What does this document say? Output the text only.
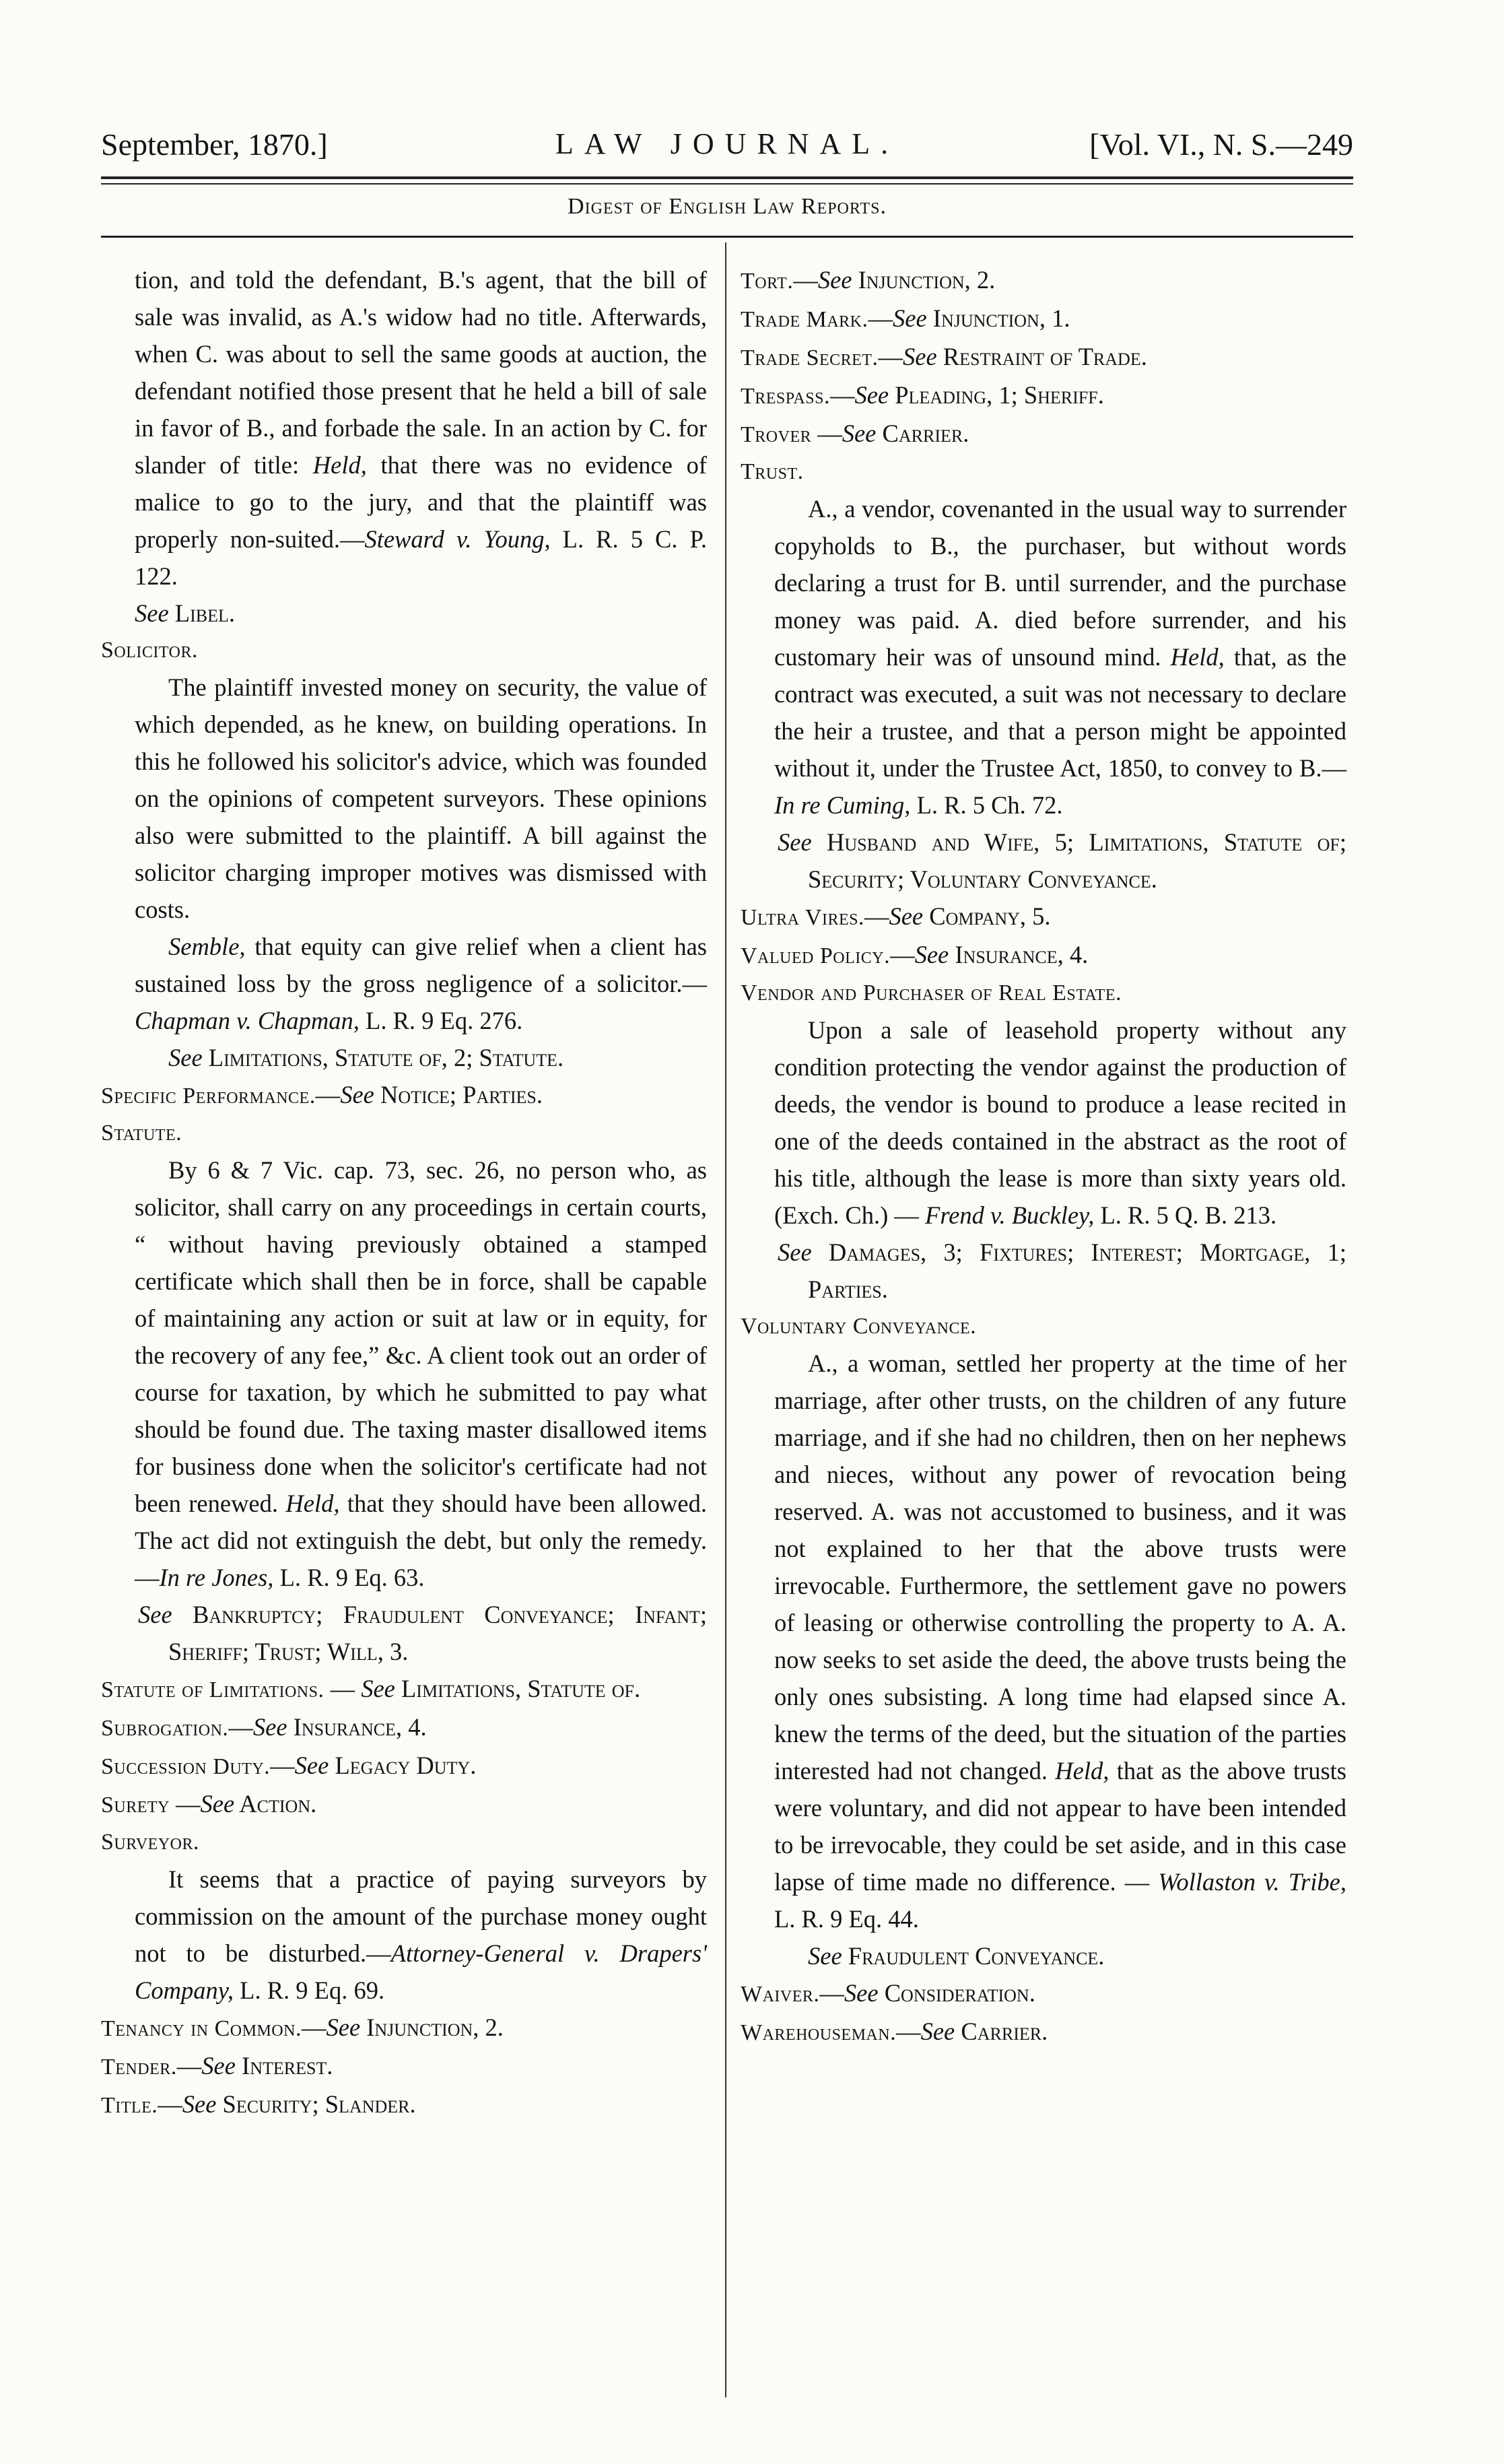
September, 1870.]	LAW JOURNAL.	[Vol. VI., N. S.—249
Digest of English Law Reports.

tion, and told the defendant, B.'s agent, that the bill of sale was invalid, as A.'s widow had no title. Afterwards, when C. was about to sell the same goods at auction, the defendant notified those present that he held a bill of sale in favor of B., and forbade the sale. In an action by C. for slander of title: Held, that there was no evidence of malice to go to the jury, and that the plaintiff was properly non-suited.—Steward v. Young, L. R. 5 C. P. 122.

See Libel.

Solicitor.

The plaintiff invested money on security, the value of which depended, as he knew, on building operations. In this he followed his solicitor's advice, which was founded on the opinions of competent surveyors. These opinions also were submitted to the plaintiff. A bill against the solicitor charging improper motives was dismissed with costs.

Semble, that equity can give relief when a client has sustained loss by the gross negligence of a solicitor.—Chapman v. Chapman, L. R. 9 Eq. 276.

See Limitations, Statute of, 2; Statute.

Specific Performance.—See Notice; Parties.

Statute.

By 6 & 7 Vic. cap. 73, sec. 26, no person who, as solicitor, shall carry on any proceedings in certain courts, “ without having previously obtained a stamped certificate which shall then be in force, shall be capable of maintaining any action or suit at law or in equity, for the recovery of any fee,” &c. A client took out an order of course for taxation, by which he submitted to pay what should be found due. The taxing master disallowed items for business done when the solicitor's certificate had not been renewed. Held, that they should have been allowed. The act did not extinguish the debt, but only the remedy. —In re Jones, L. R. 9 Eq. 63.

See Bankruptcy; Fraudulent Conveyance; Infant; Sheriff; Trust; Will, 3.

Statute of Limitations. — See Limitations, Statute of.

Subrogation.—See Insurance, 4.

Succession Duty.—See Legacy Duty.

Surety —See Action.

Surveyor.

It seems that a practice of paying surveyors by commission on the amount of the purchase money ought not to be disturbed.—Attorney-General v. Drapers' Company, L. R. 9 Eq. 69.

Tenancy in Common.—See Injunction, 2.

Tender.—See Interest.

Title.—See Security; Slander.

Tort.—See Injunction, 2.

Trade Mark.—See Injunction, 1.

Trade Secret.—See Restraint of Trade.

Trespass.—See Pleading, 1; Sheriff.

Trover —See Carrier.

Trust.

A., a vendor, covenanted in the usual way to surrender copyholds to B., the purchaser, but without words declaring a trust for B. until surrender, and the purchase money was paid. A. died before surrender, and his customary heir was of unsound mind. Held, that, as the contract was executed, a suit was not necessary to declare the heir a trustee, and that a person might be appointed without it, under the Trustee Act, 1850, to convey to B.—In re Cuming, L. R. 5 Ch. 72.

See Husband and Wife, 5; Limitations, Statute of; Security; Voluntary Conveyance.

Ultra Vires.—See Company, 5.

Valued Policy.—See Insurance, 4.

Vendor and Purchaser of Real Estate.

Upon a sale of leasehold property without any condition protecting the vendor against the production of deeds, the vendor is bound to produce a lease recited in one of the deeds contained in the abstract as the root of his title, although the lease is more than sixty years old. (Exch. Ch.) — Frend v. Buckley, L. R. 5 Q. B. 213.

See Damages, 3; Fixtures; Interest; Mortgage, 1; Parties.

Voluntary Conveyance.

A., a woman, settled her property at the time of her marriage, after other trusts, on the children of any future marriage, and if she had no children, then on her nephews and nieces, without any power of revocation being reserved. A. was not accustomed to business, and it was not explained to her that the above trusts were irrevocable. Furthermore, the settlement gave no powers of leasing or otherwise controlling the property to A. A. now seeks to set aside the deed, the above trusts being the only ones subsisting. A long time had elapsed since A. knew the terms of the deed, but the situation of the parties interested had not changed. Held, that as the above trusts were voluntary, and did not appear to have been intended to be irrevocable, they could be set aside, and in this case lapse of time made no difference. — Wollaston v. Tribe, L. R. 9 Eq. 44.

See Fraudulent Conveyance.

Waiver.—See Consideration.

Warehouseman.—See Carrier.
